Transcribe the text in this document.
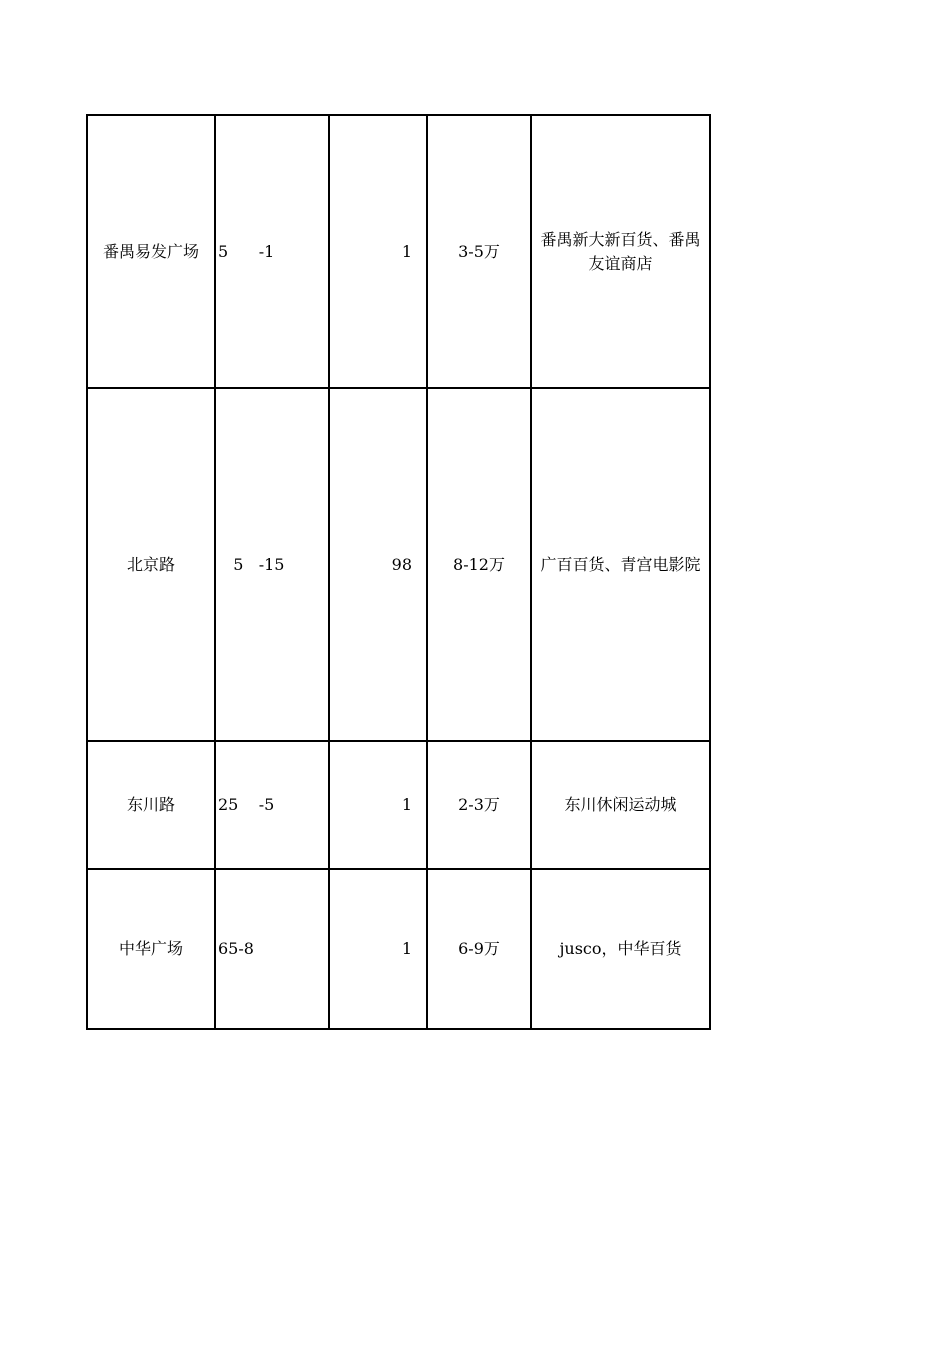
番禺易发广场	5      -1	1	3-5万	番禺新大新百货、番禺友谊商店
北京路	5   -15	98	8-12万	广百百货、青宫电影院
东川路	25    -5	1	2-3万	东川休闲运动城
中华广场	65-8	1	6-9万	jusco，中华百货
